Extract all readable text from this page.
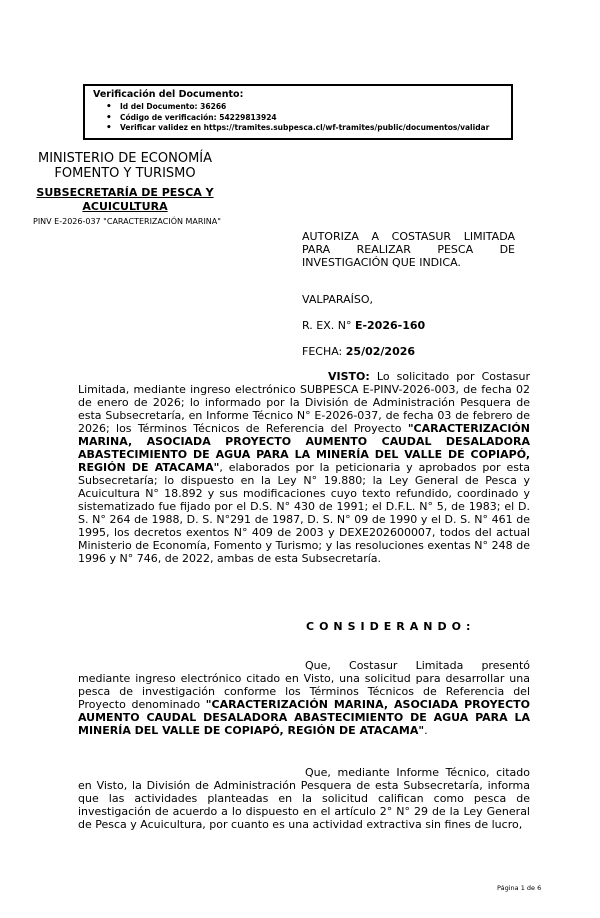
Verificación del Documento:
• Id del Documento: 36266
• Código de verificación: 54229813924
• Verificar validez en https://tramites.subpesca.cl/wf-tramites/public/documentos/validar
MINISTERIO DE ECONOMÍA
FOMENTO Y TURISMO
SUBSECRETARÍA DE PESCA Y ACUICULTURA
PINV E-2026-037 "CARACTERIZACIÓN MARINA"
AUTORIZA A COSTASUR LIMITADA PARA REALIZAR PESCA DE INVESTIGACIÓN QUE INDICA.
VALPARAÍSO,
R. EX. N° E-2026-160
FECHA: 25/02/2026

VISTO: Lo solicitado por Costasur Limitada, mediante ingreso electrónico SUBPESCA E-PINV-2026-003, de fecha 02 de enero de 2026; lo informado por la División de Administración Pesquera de esta Subsecretaría, en Informe Técnico N° E-2026-037, de fecha 03 de febrero de 2026; los Términos Técnicos de Referencia del Proyecto "CARACTERIZACIÓN MARINA, ASOCIADA PROYECTO AUMENTO CAUDAL DESALADORA ABASTECIMIENTO DE AGUA PARA LA MINERÍA DEL VALLE DE COPIAPÓ, REGIÓN DE ATACAMA", elaborados por la peticionaria y aprobados por esta Subsecretaría; lo dispuesto en la Ley N° 19.880; la Ley General de Pesca y Acuicultura N° 18.892 y sus modificaciones cuyo texto refundido, coordinado y sistematizado fue fijado por el D.S. N° 430 de 1991; el D.F.L. N° 5, de 1983; el D. S. N° 264 de 1988, D. S. N°291 de 1987, D. S. N° 09 de 1990 y el D. S. N° 461 de 1995, los decretos exentos N° 409 de 2003 y DEXE202600007, todos del actual Ministerio de Economía, Fomento y Turismo; y las resoluciones exentas N° 248 de 1996 y N° 746, de 2022, ambas de esta Subsecretaría.

CONSIDERANDO:

Que, Costasur Limitada presentó mediante ingreso electrónico citado en Visto, una solicitud para desarrollar una pesca de investigación conforme los Términos Técnicos de Referencia del Proyecto denominado "CARACTERIZACIÓN MARINA, ASOCIADA PROYECTO AUMENTO CAUDAL DESALADORA ABASTECIMIENTO DE AGUA PARA LA MINERÍA DEL VALLE DE COPIAPÓ, REGIÓN DE ATACAMA".

Que, mediante Informe Técnico, citado en Visto, la División de Administración Pesquera de esta Subsecretaría, informa que las actividades planteadas en la solicitud califican como pesca de investigación de acuerdo a lo dispuesto en el artículo 2° N° 29 de la Ley General de Pesca y Acuicultura, por cuanto es una actividad extractiva sin fines de lucro,

Página 1 de 6
